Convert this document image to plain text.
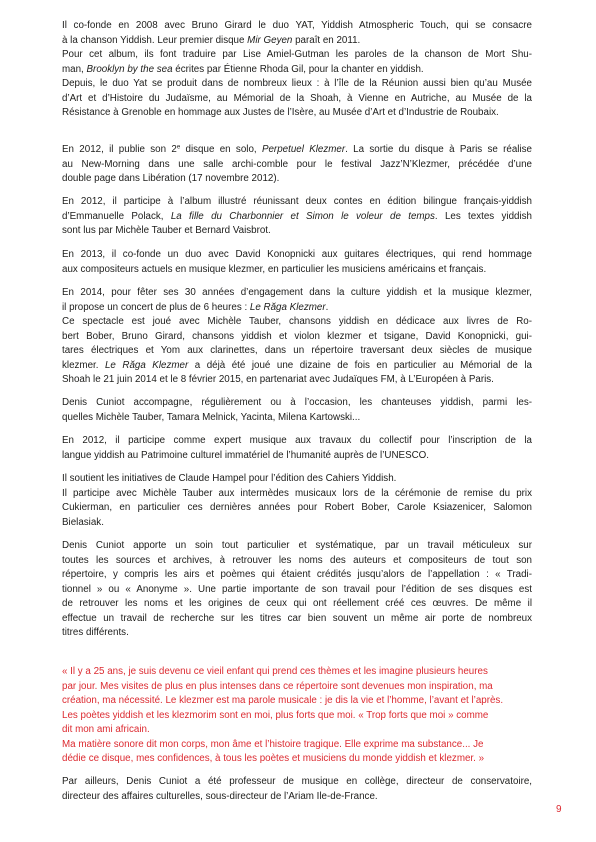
Il co-fonde en 2008 avec Bruno Girard le duo YAT, Yiddish Atmospheric Touch, qui se consacre
à la chanson Yiddish. Leur premier disque Mir Geyen paraît en 2011.
Pour cet album, ils font traduire par Lise Amiel-Gutman les paroles de la chanson de Mort Shu-
man, Brooklyn by the sea écrites par Étienne Rhoda Gil, pour la chanter en yiddish.
Depuis, le duo Yat se produit dans de nombreux lieux : à l’île de la Réunion aussi bien qu’au Musée
d’Art et d’Histoire du Judaïsme, au Mémorial de la Shoah, à Vienne en Autriche, au Musée de la
Résistance à Grenoble en hommage aux Justes de l’Isère, au Musée d’Art et d’Industrie de Roubaix.
En 2012, il publie son 2e disque en solo, Perpetuel Klezmer. La sortie du disque à Paris se réalise
au New-Morning dans une salle archi-comble pour le festival Jazz’N’Klezmer, précédée d’une
double page dans Libération (17 novembre 2012).
En 2012, il participe à l’album illustré réunissant deux contes en édition bilingue français-yiddish
d’Emmanuelle Polack, La fille du Charbonnier et Simon le voleur de temps. Les textes yiddish
sont lus par Michèle Tauber et Bernard Vaisbrot.
En 2013, il co-fonde un duo avec David Konopnicki aux guitares électriques, qui rend hommage
aux compositeurs actuels en musique klezmer, en particulier les musiciens américains et français.
En 2014, pour fêter ses 30 années d’engagement dans la culture yiddish et la musique klezmer,
il propose un concert de plus de 6 heures : Le Răga Klezmer.
Ce spectacle est joué avec Michèle Tauber, chansons yiddish en dédicace aux livres de Ro-
bert Bober, Bruno Girard, chansons yiddish et violon klezmer et tsigane, David Konopnicki, gui-
tares électriques et Yom aux clarinettes, dans un répertoire traversant deux siècles de musique
klezmer. Le Răga Klezmer a déjà été joué une dizaine de fois en particulier au Mémorial de la
Shoah le 21 juin 2014 et le 8 février 2015, en partenariat avec Judaïques FM, à L’Européen à Paris.
Denis Cuniot accompagne, régulièrement ou à l’occasion, les chanteuses yiddish, parmi les-
quelles Michèle Tauber, Tamara Melnick, Yacinta, Milena Kartowski...
En 2012, il participe comme expert musique aux travaux du collectif pour l’inscription de la
langue yiddish au Patrimoine culturel immatériel de l’humanité auprès de l’UNESCO.
Il soutient les initiatives de Claude Hampel pour l’édition des Cahiers Yiddish.
Il participe avec Michèle Tauber aux intermèdes musicaux lors de la cérémonie de remise du prix
Cukierman, en particulier ces dernières années pour Robert Bober, Carole Ksiazenicer, Salomon
Bielasiak.
Denis Cuniot apporte un soin tout particulier et systématique, par un travail méticuleux sur
toutes les sources et archives, à retrouver les noms des auteurs et compositeurs de tout son
répertoire, y compris les airs et poèmes qui étaient crédités jusqu’alors de l’appellation : « Tradi-
tionnel » ou « Anonyme ». Une partie importante de son travail pour l’édition de ses disques est
de retrouver les noms et les origines de ceux qui ont réellement créé ces œuvres. De même il
effectue un travail de recherche sur les titres car bien souvent un même air porte de nombreux
titres différents.
« Il y a 25 ans, je suis devenu ce vieil enfant qui prend ces thèmes et les imagine plusieurs heures
par jour. Mes visites de plus en plus intenses dans ce répertoire sont devenues mon inspiration, ma
création, ma nécessité. Le klezmer est ma parole musicale : je dis la vie et l’homme, l’avant et l’après.
Les poètes yiddish et les klezmorim sont en moi, plus forts que moi. « Trop forts que moi » comme
dit mon ami africain.
Ma matière sonore dit mon corps, mon âme et l’histoire tragique. Elle exprime ma substance... Je
dédie ce disque, mes confidences, à tous les poètes et musiciens du monde yiddish et klezmer. »
Par ailleurs, Denis Cuniot a été professeur de musique en collège, directeur de conservatoire,
directeur des affaires culturelles, sous-directeur de l’Ariam Ile-de-France.
9
